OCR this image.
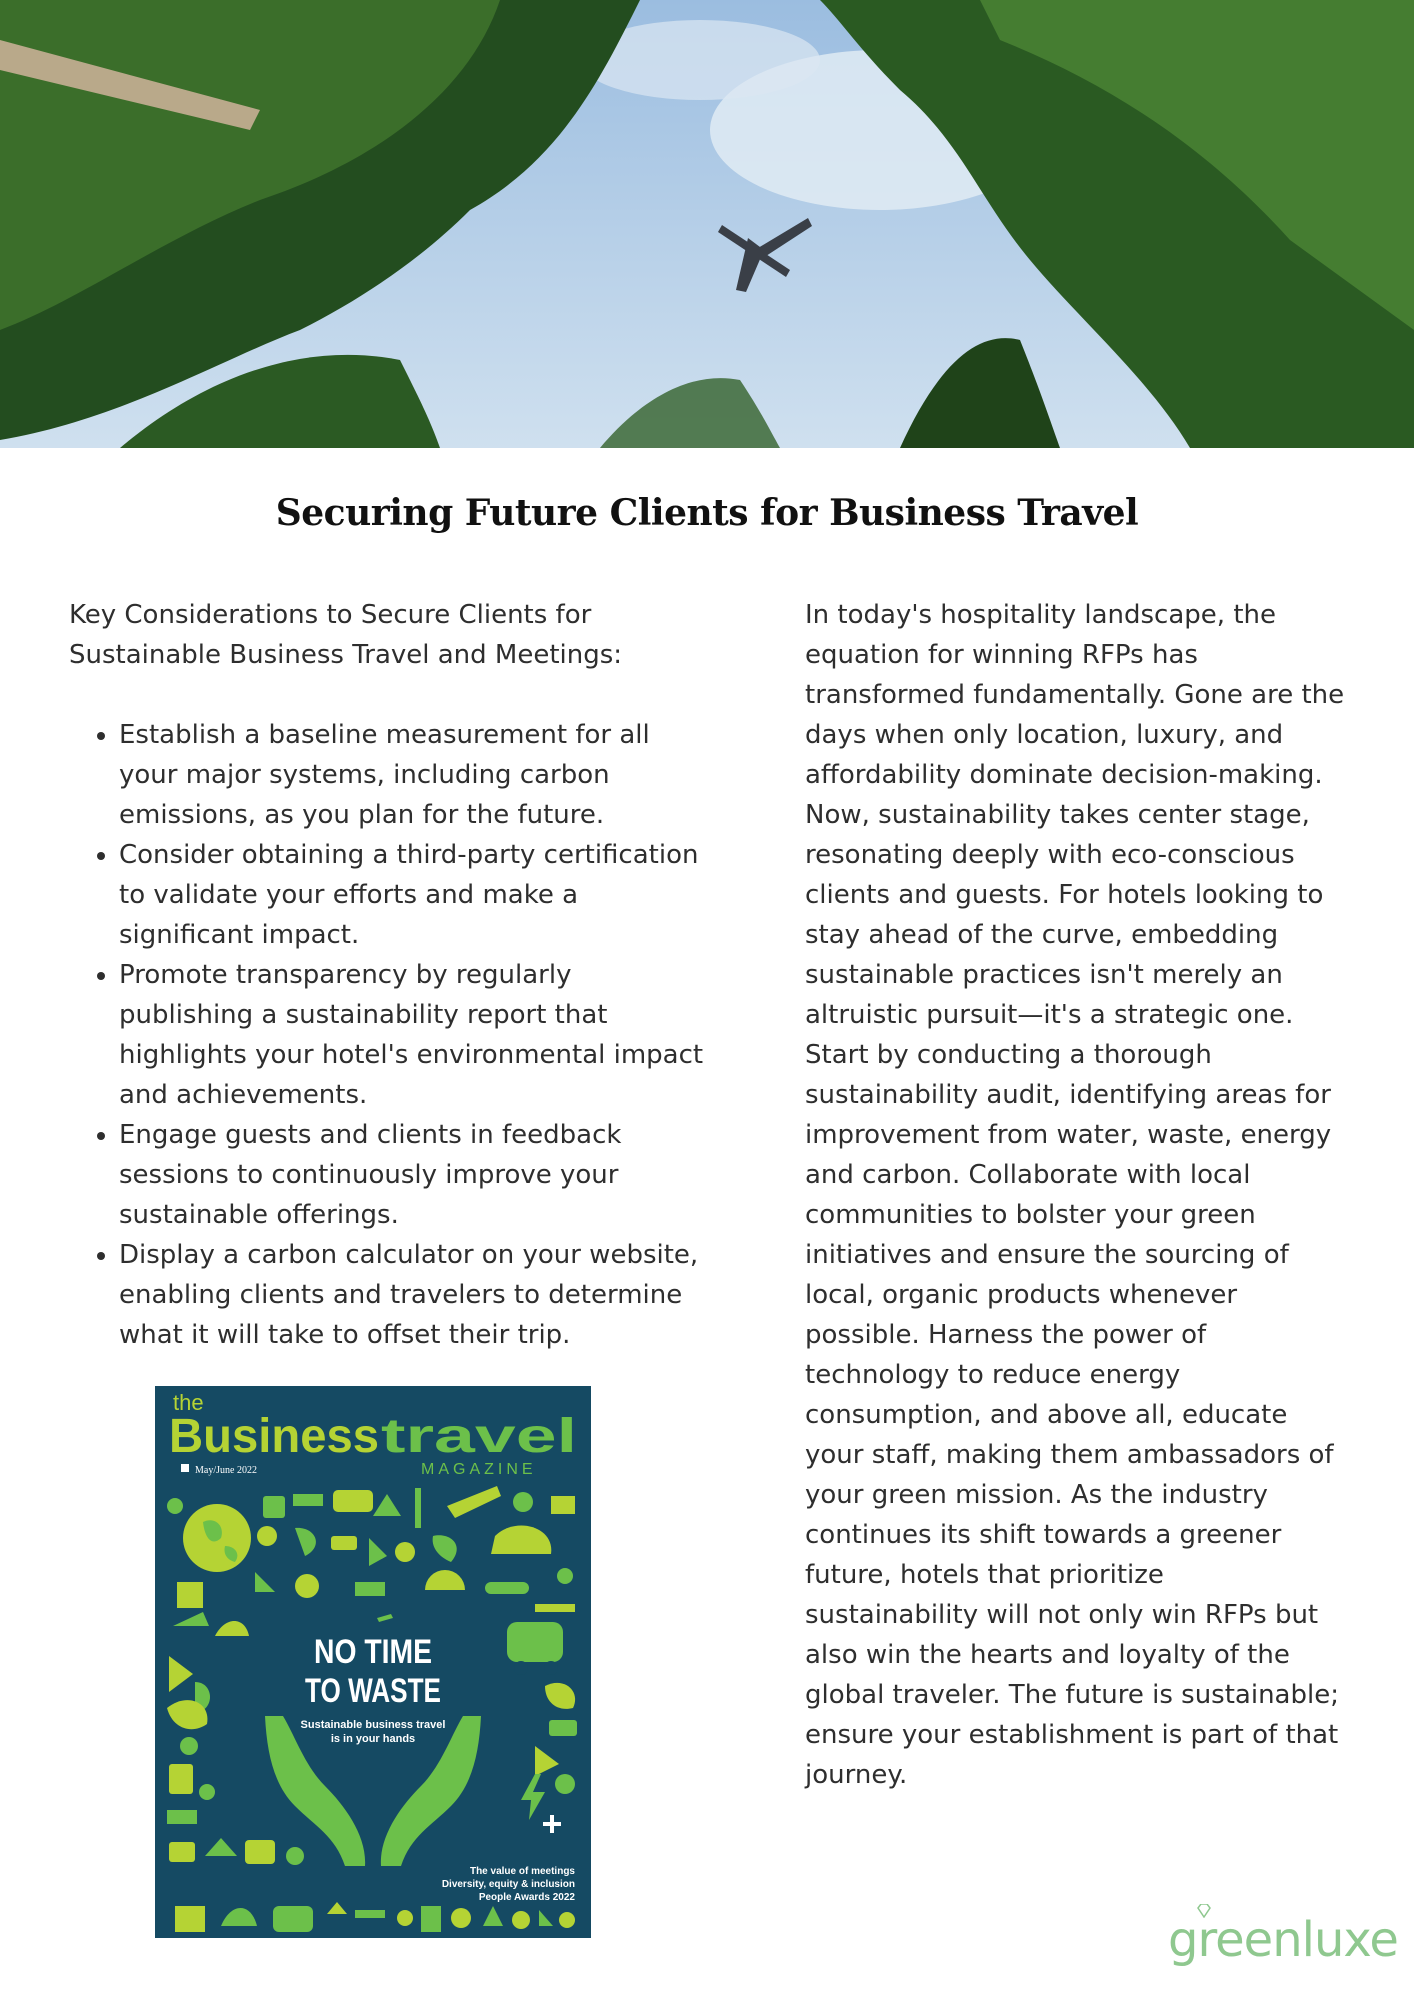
Securing Future Clients for Business Travel

Key Considerations to Secure Clients for Sustainable Business Travel and Meetings:

• Establish a baseline measurement for all your major systems, including carbon emissions, as you plan for the future.
• Consider obtaining a third-party certification to validate your efforts and make a significant impact.
• Promote transparency by regularly publishing a sustainability report that highlights your hotel's environmental impact and achievements.
• Engage guests and clients in feedback sessions to continuously improve your sustainable offerings.
• Display a carbon calculator on your website, enabling clients and travelers to determine what it will take to offset their trip.

In today's hospitality landscape, the equation for winning RFPs has transformed fundamentally. Gone are the days when only location, luxury, and affordability dominate decision-making. Now, sustainability takes center stage, resonating deeply with eco-conscious clients and guests. For hotels looking to stay ahead of the curve, embedding sustainable practices isn't merely an altruistic pursuit—it's a strategic one. Start by conducting a thorough sustainability audit, identifying areas for improvement from water, waste, energy and carbon. Collaborate with local communities to bolster your green initiatives and ensure the sourcing of local, organic products whenever possible. Harness the power of technology to reduce energy consumption, and above all, educate your staff, making them ambassadors of your green mission. As the industry continues its shift towards a greener future, hotels that prioritize sustainability will not only win RFPs but also win the hearts and loyalty of the global traveler. The future is sustainable; ensure your establishment is part of that journey.

the
Business travel
MAGAZINE
May/June 2022
NO TIME
TO WASTE
Sustainable business travel
is in your hands
The value of meetings
Diversity, equity & inclusion
People Awards 2022
greenluxe
